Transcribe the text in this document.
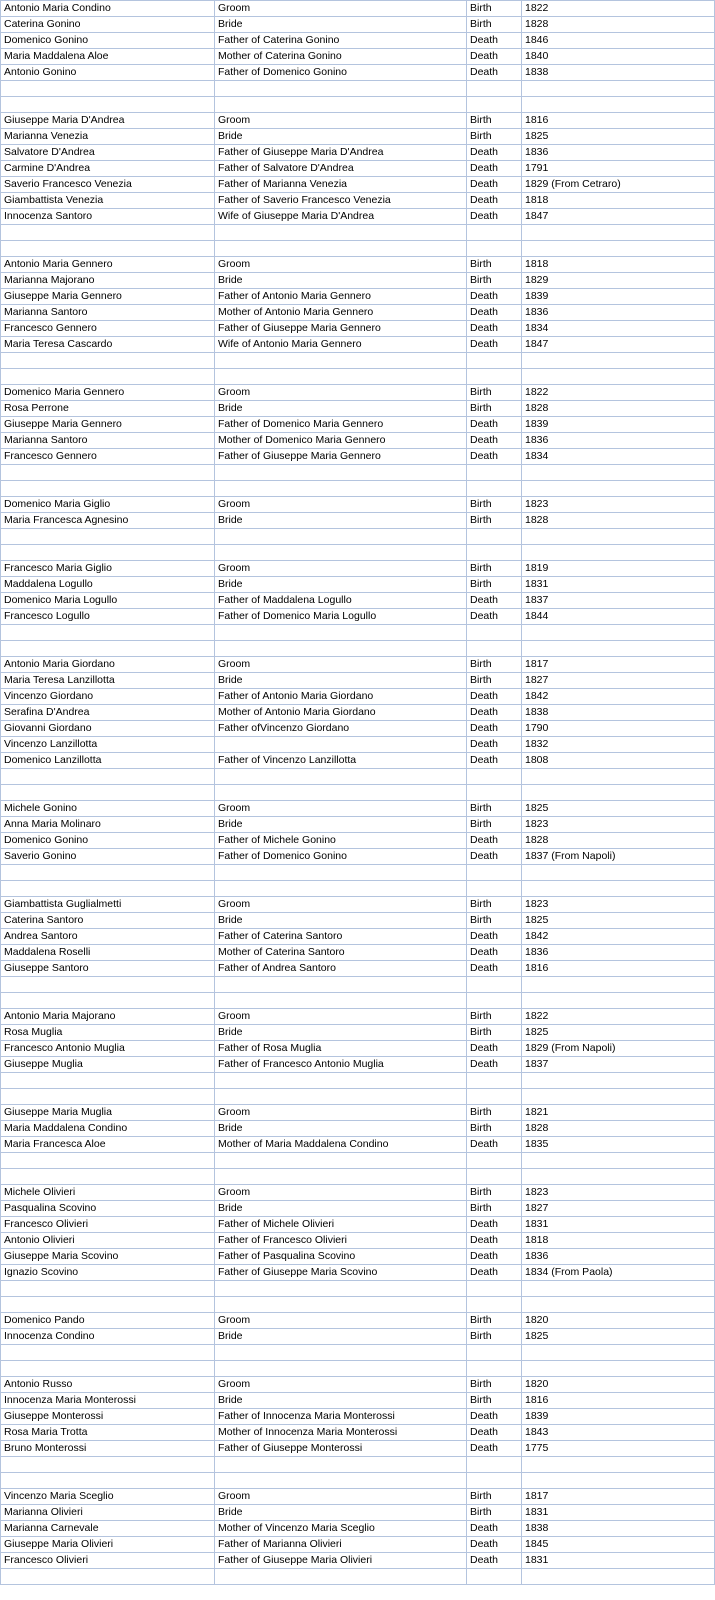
Antonio Maria Condino	Groom	Birth	1822
Caterina Gonino	Bride	Birth	1828
Domenico Gonino	Father of Caterina Gonino	Death	1846
Maria Maddalena Aloe	Mother of Caterina Gonino	Death	1840
Antonio Gonino	Father of Domenico Gonino	Death	1838

Giuseppe Maria D'Andrea	Groom	Birth	1816
Marianna Venezia	Bride	Birth	1825
Salvatore D'Andrea	Father of Giuseppe Maria D'Andrea	Death	1836
Carmine D'Andrea	Father of Salvatore D'Andrea	Death	1791
Saverio Francesco Venezia	Father of Marianna Venezia	Death	1829 (From Cetraro)
Giambattista Venezia	Father of Saverio Francesco Venezia	Death	1818
Innocenza Santoro	Wife of Giuseppe Maria D'Andrea	Death	1847

Antonio Maria Gennero	Groom	Birth	1818
Marianna Majorano	Bride	Birth	1829
Giuseppe Maria Gennero	Father of Antonio Maria Gennero	Death	1839
Marianna Santoro	Mother of Antonio Maria Gennero	Death	1836
Francesco Gennero	Father of Giuseppe Maria Gennero	Death	1834
Maria Teresa Cascardo	Wife of Antonio Maria Gennero	Death	1847

Domenico Maria Gennero	Groom	Birth	1822
Rosa Perrone	Bride	Birth	1828
Giuseppe Maria Gennero	Father of Domenico Maria Gennero	Death	1839
Marianna Santoro	Mother of Domenico Maria Gennero	Death	1836
Francesco Gennero	Father of Giuseppe Maria Gennero	Death	1834

Domenico Maria Giglio	Groom	Birth	1823
Maria Francesca Agnesino	Bride	Birth	1828

Francesco Maria Giglio	Groom	Birth	1819
Maddalena Logullo	Bride	Birth	1831
Domenico Maria Logullo	Father of Maddalena Logullo	Death	1837
Francesco Logullo	Father of Domenico Maria Logullo	Death	1844

Antonio Maria Giordano	Groom	Birth	1817
Maria Teresa Lanzillotta	Bride	Birth	1827
Vincenzo Giordano	Father of Antonio Maria Giordano	Death	1842
Serafina D'Andrea	Mother of Antonio Maria Giordano	Death	1838
Giovanni Giordano	Father ofVincenzo Giordano	Death	1790
Vincenzo Lanzillotta		Death	1832
Domenico Lanzillotta	Father of Vincenzo Lanzillotta	Death	1808

Michele Gonino	Groom	Birth	1825
Anna Maria Molinaro	Bride	Birth	1823
Domenico Gonino	Father of Michele Gonino	Death	1828
Saverio Gonino	Father of Domenico Gonino	Death	1837 (From Napoli)

Giambattista Guglialmetti	Groom	Birth	1823
Caterina Santoro	Bride	Birth	1825
Andrea Santoro	Father of Caterina Santoro	Death	1842
Maddalena Roselli	Mother of Caterina Santoro	Death	1836
Giuseppe Santoro	Father of Andrea Santoro	Death	1816

Antonio Maria Majorano	Groom	Birth	1822
Rosa Muglia	Bride	Birth	1825
Francesco Antonio Muglia	Father of Rosa Muglia	Death	1829 (From Napoli)
Giuseppe Muglia	Father of Francesco Antonio Muglia	Death	1837

Giuseppe Maria Muglia	Groom	Birth	1821
Maria Maddalena Condino	Bride	Birth	1828
Maria Francesca Aloe	Mother of Maria Maddalena Condino	Death	1835

Michele Olivieri	Groom	Birth	1823
Pasqualina Scovino	Bride	Birth	1827
Francesco Olivieri	Father of Michele Olivieri	Death	1831
Antonio Olivieri	Father of Francesco Olivieri	Death	1818
Giuseppe Maria Scovino	Father of Pasqualina Scovino	Death	1836
Ignazio Scovino	Father of Giuseppe Maria Scovino	Death	1834 (From Paola)

Domenico Pando	Groom	Birth	1820
Innocenza Condino	Bride	Birth	1825

Antonio Russo	Groom	Birth	1820
Innocenza Maria Monterossi	Bride	Birth	1816
Giuseppe Monterossi	Father of Innocenza Maria Monterossi	Death	1839
Rosa Maria Trotta	Mother of Innocenza Maria Monterossi	Death	1843
Bruno Monterossi	Father of Giuseppe Monterossi	Death	1775

Vincenzo Maria Sceglio	Groom	Birth	1817
Marianna Olivieri	Bride	Birth	1831
Marianna Carnevale	Mother of Vincenzo Maria Sceglio	Death	1838
Giuseppe Maria Olivieri	Father of Marianna Olivieri	Death	1845
Francesco Olivieri	Father of Giuseppe Maria Olivieri	Death	1831
